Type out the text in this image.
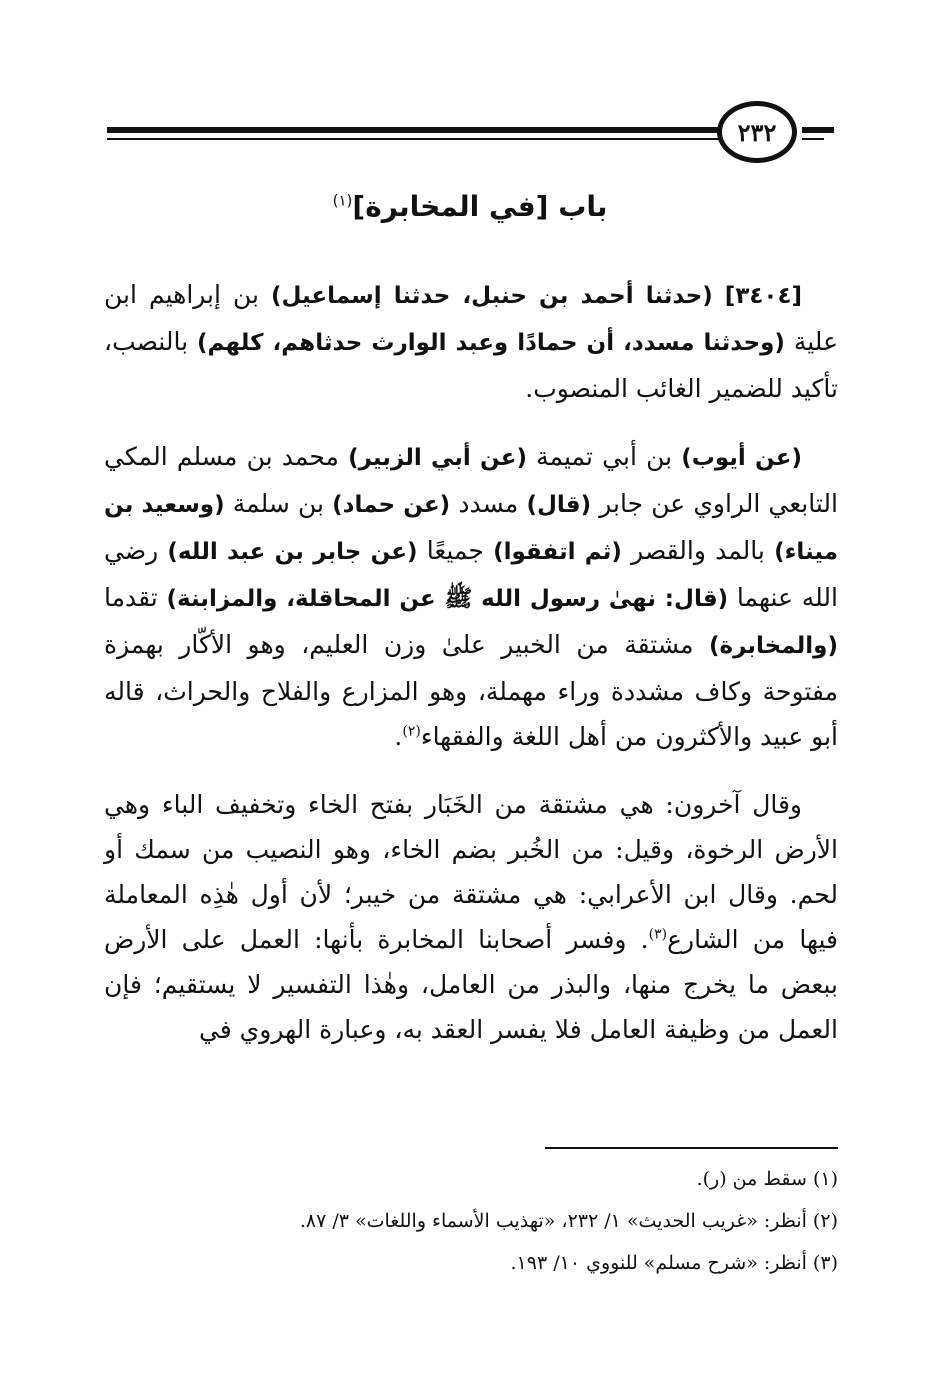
٢٣٢
باب [في المخابرة]$^{(١)}$

[٣٤٠٤] (حدثنا أحمد بن حنبل، حدثنا إسماعيل) بن إبراهيم ابن علية (وحدثنا مسدد، أن حمادًا وعبد الوارث حدثاهم، كلهم) بالنصب، تأكيد للضمير الغائب المنصوب.

(عن أيوب) بن أبي تميمة (عن أبي الزبير) محمد بن مسلم المكي التابعي الراوي عن جابر (قال) مسدد (عن حماد) بن سلمة (وسعيد بن ميناء) بالمد والقصر (ثم اتفقوا) جميعًا (عن جابر بن عبد الله) رضي الله عنهما (قال: نهىٰ رسول الله ﷺ عن المحاقلة، والمزابنة) تقدما (والمخابرة) مشتقة من الخبير علىٰ وزن العليم، وهو الأكّار بهمزة مفتوحة وكاف مشددة وراء مهملة، وهو المزارع والفلاح والحراث، قاله أبو عبيد والأكثرون من أهل اللغة والفقهاء$^{(٢)}$.

وقال آخرون: هي مشتقة من الخَبَار بفتح الخاء وتخفيف الباء وهي الأرض الرخوة، وقيل: من الخُبر بضم الخاء، وهو النصيب من سمك أو لحم. وقال ابن الأعرابي: هي مشتقة من خيبر؛ لأن أول هٰذِه المعاملة فيها من الشارع$^{(٣)}$. وفسر أصحابنا المخابرة بأنها: العمل على الأرض ببعض ما يخرج منها، والبذر من العامل، وهٰذا التفسير لا يستقيم؛ فإن العمل من وظيفة العامل فلا يفسر العقد به، وعبارة الهروي في

(١) سقط من (ر).
(٢) أنظر: «غريب الحديث» ١/ ٢٣٢، «تهذيب الأسماء واللغات» ٣/ ٨٧.
(٣) أنظر: «شرح مسلم» للنووي ١٠/ ١٩٣.
